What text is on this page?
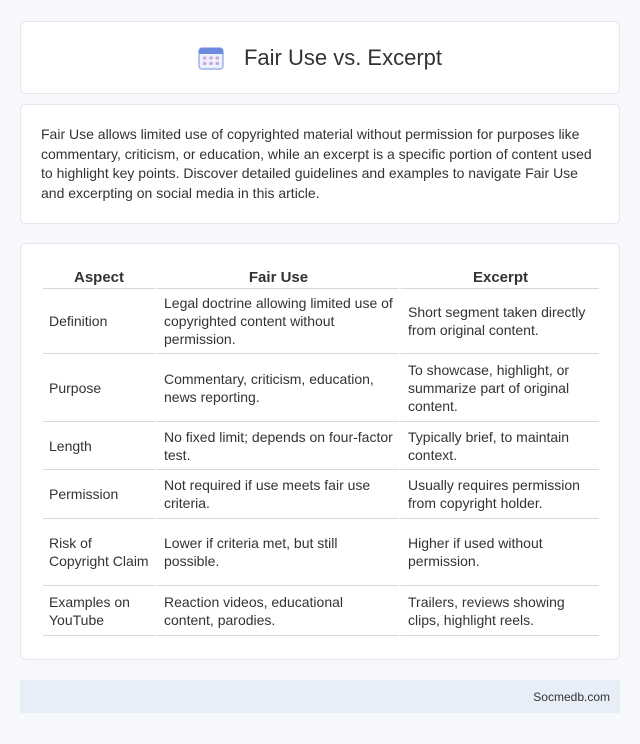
Fair Use vs. Excerpt

Fair Use allows limited use of copyrighted material without permission for purposes like commentary, criticism, or education, while an excerpt is a specific portion of content used to highlight key points. Discover detailed guidelines and examples to navigate Fair Use and excerpting on social media in this article.

Aspect	Fair Use	Excerpt
Definition	Legal doctrine allowing limited use of copyrighted content without permission.	Short segment taken directly from original content.
Purpose	Commentary, criticism, education, news reporting.	To showcase, highlight, or summarize part of original content.
Length	No fixed limit; depends on four-factor test.	Typically brief, to maintain context.
Permission	Not required if use meets fair use criteria.	Usually requires permission from copyright holder.
Risk of Copyright Claim	Lower if criteria met, but still possible.	Higher if used without permission.
Examples on YouTube	Reaction videos, educational content, parodies.	Trailers, reviews showing clips, highlight reels.
Socmedb.com
